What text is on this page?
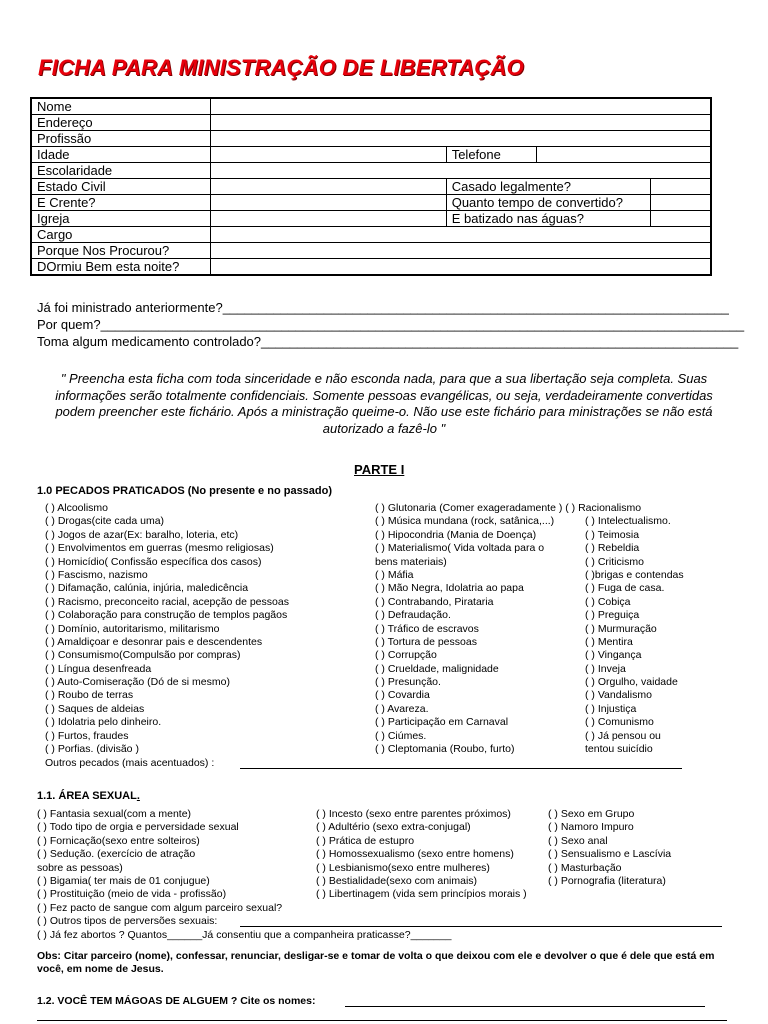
FICHA PARA MINISTRAÇÃO DE LIBERTAÇÃO
Nome				
Endereço				
Profissão				
Idade		Telefone		
Escolaridade				
Estado Civil		Casado legalmente?		
E Crente?		Quanto tempo de convertido?		
Igreja		E batizado nas águas?		
Cargo				
Porque Nos Procurou?				
DOrmiu Bem esta noite?				
Já foi ministrado anteriormente?______________________________________________________________________
Por quem?_________________________________________________________________________________________
Toma algum medicamento controlado?__________________________________________________________________
" Preencha esta ficha com toda sinceridade e não esconda nada, para que a sua libertação seja completa. Suas informações serão totalmente confidenciais. Somente pessoas evangélicas, ou seja, verdadeiramente convertidas podem preencher este fichário. Após a ministração queime-o. Não use este fichário para ministrações se não está autorizado a fazê-lo "
PARTE I
1.0 PECADOS PRATICADOS (No presente e no passado)
( ) Alcoolismo
( ) Drogas(cite cada uma)
( ) Jogos de azar(Ex: baralho, loteria, etc)
( ) Envolvimentos em guerras (mesmo religiosas)
( ) Homicídio( Confissão específica dos casos)
( ) Fascismo, nazismo
( ) Difamação, calúnia, injúria, maledicência
( ) Racismo, preconceito racial, acepção de pessoas
( ) Colaboração para construção de templos pagãos
( ) Domínio, autoritarismo, militarismo
( ) Amaldiçoar e desonrar pais e descendentes
( ) Consumismo(Compulsão por compras)
( ) Língua desenfreada
( ) Auto-Comiseração (Dó de si mesmo)
( ) Roubo de terras
( ) Saques de aldeias
( ) Idolatria pelo dinheiro.
( ) Furtos, fraudes
( ) Porfias. (divisão )
( ) Glutonaria (Comer exageradamente ) ( ) Racionalismo
( ) Música mundana (rock, satânica,...)
( ) Hipocondria (Mania de Doença)
( ) Materialismo( Vida voltada para o
bens materiais)
( ) Máfia
( ) Mão Negra, Idolatria ao papa
( ) Contrabando, Pirataria
( ) Defraudação.
( ) Tráfico de escravos
( ) Tortura de pessoas
( ) Corrupção
( ) Crueldade, malignidade
( ) Presunção.
( ) Covardia
( ) Avareza.
( ) Participação em Carnaval
( ) Ciúmes.
( ) Cleptomania (Roubo, furto)
( ) Intelectualismo.
( ) Teimosia
( ) Rebeldia
( ) Criticismo
( )brigas e contendas
( ) Fuga de casa.
( ) Cobiça
( ) Preguiça
( ) Murmuração
( ) Mentira
( ) Vingança
( ) Inveja
( ) Orgulho, vaidade
( ) Vandalismo
( ) Injustiça
( ) Comunismo
( ) Já pensou ou
tentou suicídio
Outros pecados (mais acentuados) :
1.1. ÁREA SEXUAL.
( ) Fantasia sexual(com a mente)
( ) Todo tipo de orgia e perversidade sexual
( ) Fornicação(sexo entre solteiros)
( ) Sedução. (exercício de atração
sobre as pessoas)
( ) Bigamia( ter mais de 01 conjugue)
( ) Prostituição (meio de vida - profissão)
( ) Fez pacto de sangue com algum parceiro sexual?
( ) Incesto (sexo entre parentes próximos)
( ) Adultério (sexo extra-conjugal)
( ) Prática de estupro
( ) Homossexualismo (sexo entre homens)
( ) Lesbianismo(sexo entre mulheres)
( ) Bestialidade(sexo com animais)
( ) Libertinagem (vida sem princípios morais )
( ) Sexo em Grupo
( ) Namoro Impuro
( ) Sexo anal
( ) Sensualismo e Lascívia
( ) Masturbação
( ) Pornografia (literatura)
( ) Outros tipos de perversões sexuais:
( ) Já fez abortos ? Quantos______Já consentiu que a companheira praticasse?_______
Obs: Citar parceiro (nome), confessar, renunciar, desligar-se e tomar de volta o que deixou com ele e devolver o que é dele que está em você, em nome de Jesus.
1.2. VOCÊ TEM MÁGOAS DE ALGUEM ? Cite os nomes:
